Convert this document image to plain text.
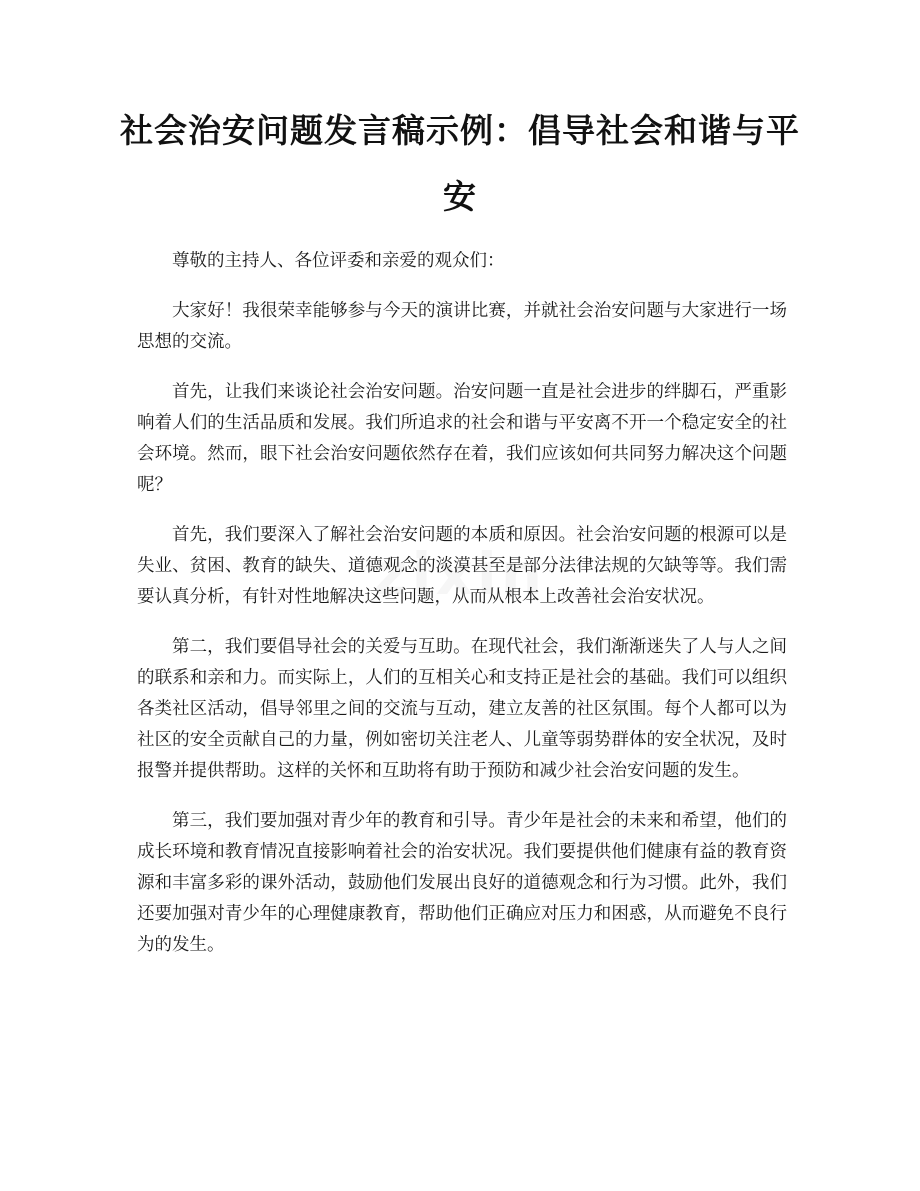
社会治安问题发言稿示例：倡导社会和谐与平安

尊敬的主持人、各位评委和亲爱的观众们：

大家好！我很荣幸能够参与今天的演讲比赛，并就社会治安问题与大家进行一场思想的交流。

首先，让我们来谈论社会治安问题。治安问题一直是社会进步的绊脚石，严重影响着人们的生活品质和发展。我们所追求的社会和谐与平安离不开一个稳定安全的社会环境。然而，眼下社会治安问题依然存在着，我们应该如何共同努力解决这个问题呢？

首先，我们要深入了解社会治安问题的本质和原因。社会治安问题的根源可以是失业、贫困、教育的缺失、道德观念的淡漠甚至是部分法律法规的欠缺等等。我们需要认真分析，有针对性地解决这些问题，从而从根本上改善社会治安状况。

第二，我们要倡导社会的关爱与互助。在现代社会，我们渐渐迷失了人与人之间的联系和亲和力。而实际上，人们的互相关心和支持正是社会的基础。我们可以组织各类社区活动，倡导邻里之间的交流与互动，建立友善的社区氛围。每个人都可以为社区的安全贡献自己的力量，例如密切关注老人、儿童等弱势群体的安全状况，及时报警并提供帮助。这样的关怀和互助将有助于预防和减少社会治安问题的发生。

第三，我们要加强对青少年的教育和引导。青少年是社会的未来和希望，他们的成长环境和教育情况直接影响着社会的治安状况。我们要提供他们健康有益的教育资源和丰富多彩的课外活动，鼓励他们发展出良好的道德观念和行为习惯。此外，我们还要加强对青少年的心理健康教育，帮助他们正确应对压力和困惑，从而避免不良行为的发生。
